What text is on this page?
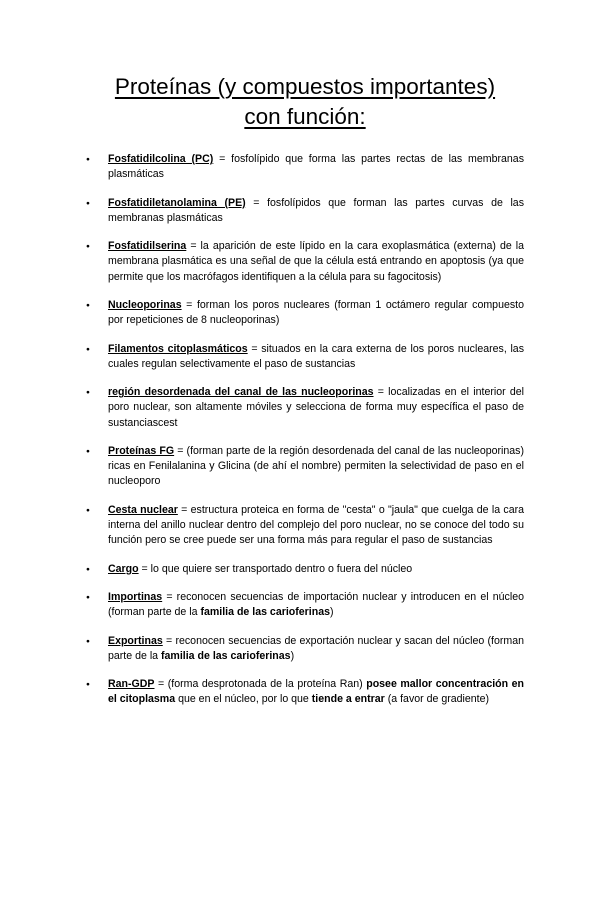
Proteínas (y compuestos importantes)
con función:
● Fosfatidilcolina (PC) = fosfolípido que forma las partes rectas de las membranas plasmáticas
● Fosfatidiletanolamina (PE) = fosfolípidos que forman las partes curvas de las membranas plasmáticas
● Fosfatidilserina = la aparición de este lípido en la cara exoplasmática (externa) de la membrana plasmática es una señal de que la célula está entrando en apoptosis (ya que permite que los macrófagos identifiquen a la célula para su fagocitosis)
● Nucleoporinas = forman los poros nucleares (forman 1 octámero regular compuesto por repeticiones de 8 nucleoporinas)
● Filamentos citoplasmáticos = situados en la cara externa de los poros nucleares, las cuales regulan selectivamente el paso de sustancias
● región desordenada del canal de las nucleoporinas = localizadas en el interior del poro nuclear, son altamente móviles y selecciona de forma muy específica el paso de sustanciascest
● Proteínas FG = (forman parte de la región desordenada del canal de las nucleoporinas) ricas en Fenilalanina y Glicina (de ahí el nombre) permiten la selectividad de paso en el nucleoporo
● Cesta nuclear = estructura proteica en forma de "cesta" o "jaula" que cuelga de la cara interna del anillo nuclear dentro del complejo del poro nuclear, no se conoce del todo su función pero se cree puede ser una forma más para regular el paso de sustancias
● Cargo = lo que quiere ser transportado dentro o fuera del núcleo
● Importinas = reconocen secuencias de importación nuclear y introducen en el núcleo (forman parte de la familia de las carioferinas)
● Exportinas = reconocen secuencias de exportación nuclear y sacan del núcleo (forman parte de la familia de las carioferinas)
● Ran-GDP = (forma desprotonada de la proteína Ran) posee mallor concentración en el citoplasma que en el núcleo, por lo que tiende a entrar (a favor de gradiente)
